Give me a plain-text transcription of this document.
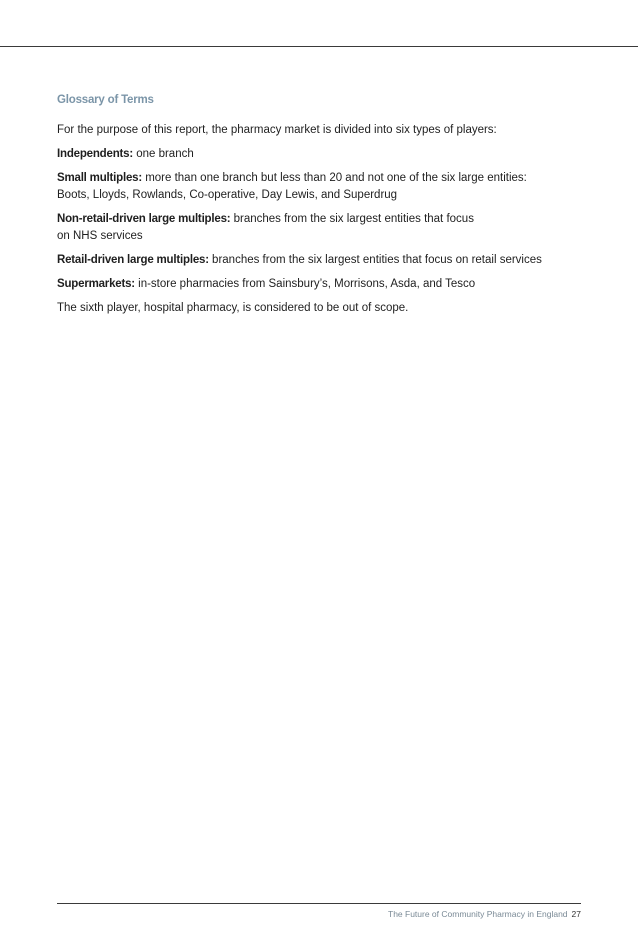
Glossary of Terms

For the purpose of this report, the pharmacy market is divided into six types of players:

Independents: one branch

Small multiples: more than one branch but less than 20 and not one of the six large entities:
Boots, Lloyds, Rowlands, Co-operative, Day Lewis, and Superdrug

Non-retail-driven large multiples: branches from the six largest entities that focus
on NHS services

Retail-driven large multiples: branches from the six largest entities that focus on retail services

Supermarkets: in-store pharmacies from Sainsbury’s, Morrisons, Asda, and Tesco

The sixth player, hospital pharmacy, is considered to be out of scope.

The Future of Community Pharmacy in England 27
